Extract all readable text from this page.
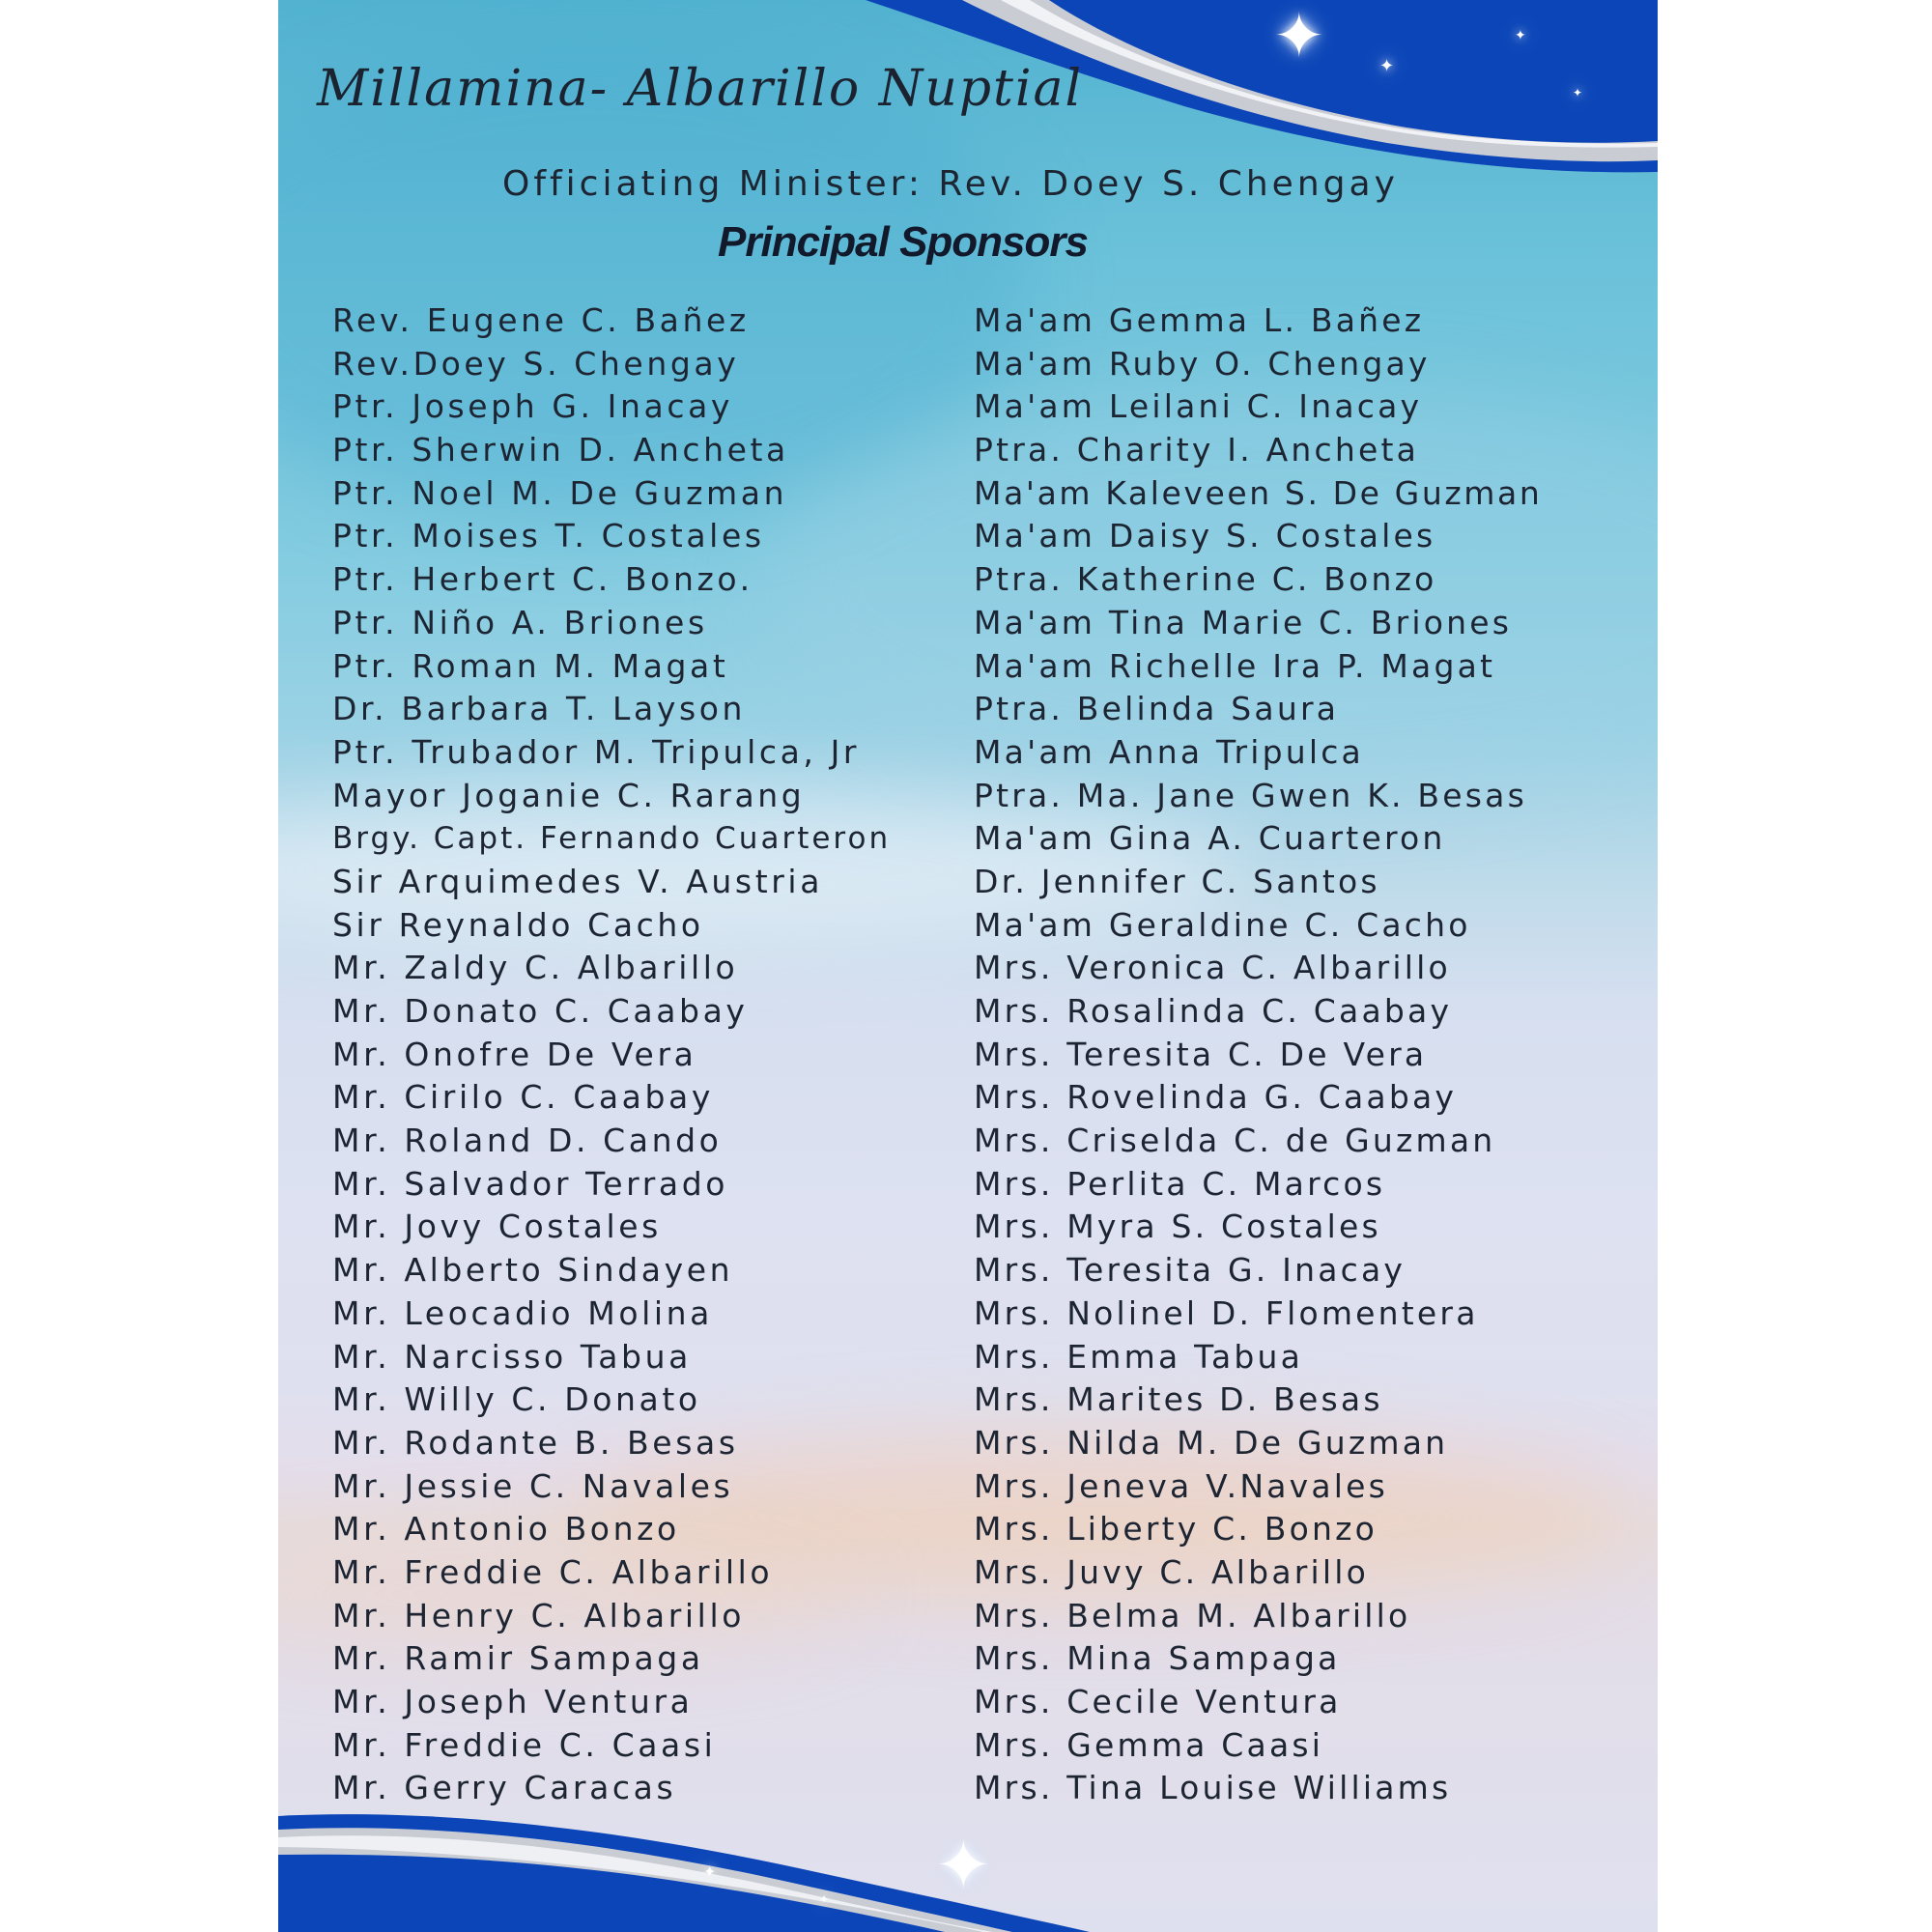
✦	✦
✦
✦
✦
✦
✦
Millamina- Albarillo Nuptial
Officiating Minister: Rev. Doey S. Chengay
Principal Sponsors
Rev. Eugene C. Bañez
Rev.Doey S. Chengay
Ptr. Joseph G. Inacay
Ptr. Sherwin D. Ancheta
Ptr. Noel M. De Guzman
Ptr. Moises T. Costales
Ptr. Herbert C. Bonzo.
Ptr. Niño A. Briones
Ptr. Roman M. Magat
Dr. Barbara T. Layson
Ptr. Trubador M. Tripulca, Jr
Mayor Joganie C. Rarang
Brgy. Capt. Fernando Cuarteron
Sir Arquimedes V. Austria
Sir Reynaldo Cacho
Mr. Zaldy C. Albarillo
Mr. Donato C. Caabay
Mr. Onofre De Vera
Mr. Cirilo C. Caabay
Mr. Roland D. Cando
Mr. Salvador Terrado
Mr. Jovy Costales
Mr. Alberto Sindayen
Mr. Leocadio Molina
Mr. Narcisso Tabua
Mr. Willy C. Donato
Mr. Rodante B. Besas
Mr. Jessie C. Navales
Mr. Antonio Bonzo
Mr. Freddie C. Albarillo
Mr. Henry C. Albarillo
Mr. Ramir Sampaga
Mr. Joseph Ventura
Mr. Freddie C. Caasi
Mr. Gerry Caracas
Ma'am Gemma L. Bañez
Ma'am Ruby O. Chengay
Ma'am Leilani C. Inacay
Ptra. Charity I. Ancheta
Ma'am Kaleveen S. De Guzman
Ma'am Daisy S. Costales
Ptra. Katherine C. Bonzo
Ma'am Tina Marie C. Briones
Ma'am Richelle Ira P. Magat
Ptra. Belinda Saura
Ma'am Anna Tripulca
Ptra. Ma. Jane Gwen K. Besas
Ma'am Gina A. Cuarteron
Dr. Jennifer C. Santos
Ma'am Geraldine C. Cacho
Mrs. Veronica C. Albarillo
Mrs. Rosalinda C. Caabay
Mrs. Teresita C. De Vera
Mrs. Rovelinda G. Caabay
Mrs. Criselda C. de Guzman
Mrs. Perlita C. Marcos
Mrs. Myra S. Costales
Mrs. Teresita G. Inacay
Mrs. Nolinel D. Flomentera
Mrs. Emma Tabua
Mrs. Marites D. Besas
Mrs. Nilda M. De Guzman
Mrs. Jeneva V.Navales
Mrs. Liberty C. Bonzo
Mrs. Juvy C. Albarillo
Mrs. Belma M. Albarillo
Mrs. Mina Sampaga
Mrs. Cecile Ventura
Mrs. Gemma Caasi
Mrs. Tina Louise Williams
